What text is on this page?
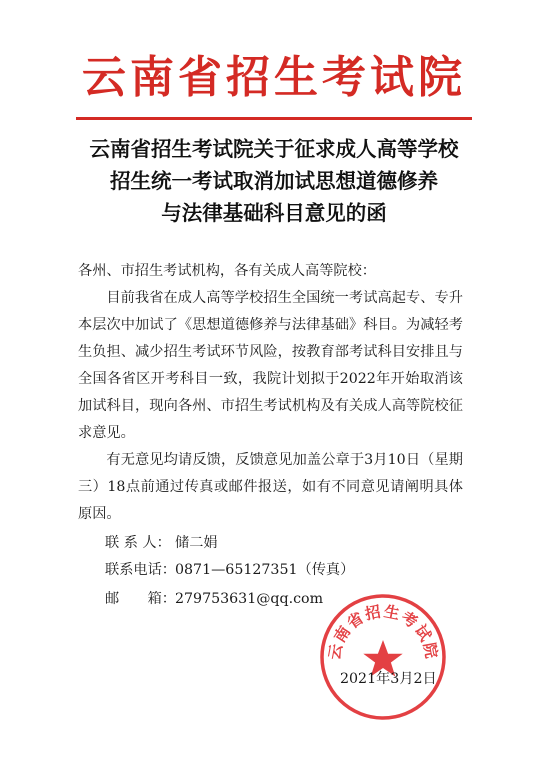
云南省招生考试院
云南省招生考试院关于征求成人高等学校
招生统一考试取消加试思想道德修养
与法律基础科目意见的函
各州、市招生考试机构，各有关成人高等院校：

目前我省在成人高等学校招生全国统一考试高起专、专升本层次中加试了《思想道德修养与法律基础》科目。为减轻考生负担、减少招生考试环节风险，按教育部考试科目安排且与全国各省区开考科目一致，我院计划拟于2022年开始取消该加试科目，现向各州、市招生考试机构及有关成人高等院校征求意见。

有无意见均请反馈，反馈意见加盖公章于3月10日（星期三）18点前通过传真或邮件报送，如有不同意见请阐明具体原因。

联 系 人： 储二娟
联系电话：0871—65127351（传真）
邮　　箱：279753631@qq.com
云南省招生考试院
2021年3月2日
